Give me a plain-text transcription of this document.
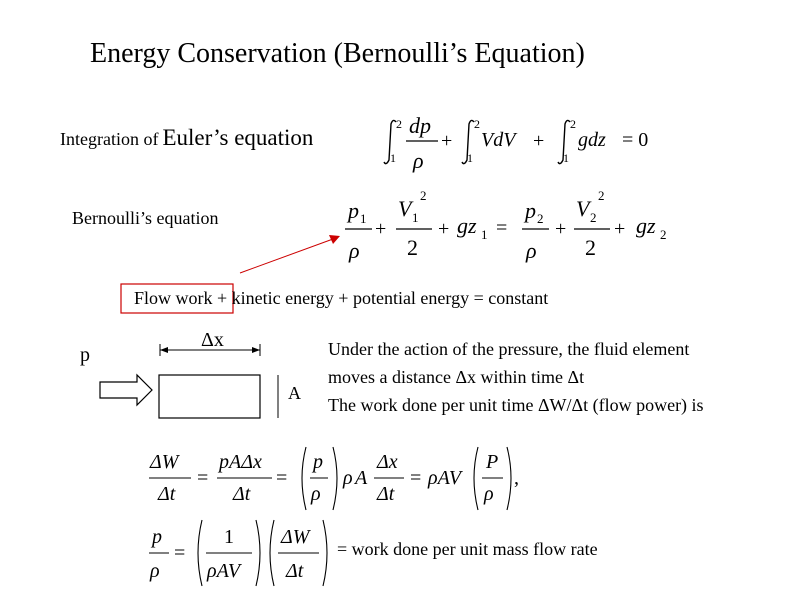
Energy Conservation (Bernoulli’s Equation)
Integration of Euler’s equation
2
1
dp
ρ
+
2
1
VdV +
2
1
gdz = 0
p 1
ρ
+
V 1
2
2
+ gz 1 =
p 2
ρ
+
V 2
2
2
+ gz 2
p
Δx
A
ΔW
Δt
=
pAΔx
Δt
=
p
ρ
ρ A
Δx
Δt
= ρAV
P
ρ
,
p
ρ
=
1
ρAV
ΔW
Δt
Bernoulli’s equation
Flow work + kinetic energy + potential energy = constant
Under the action of the pressure, the fluid element
moves a distance Δx within time Δt
The work done per unit time ΔW/Δt (flow power) is
= work done per unit mass flow rate
